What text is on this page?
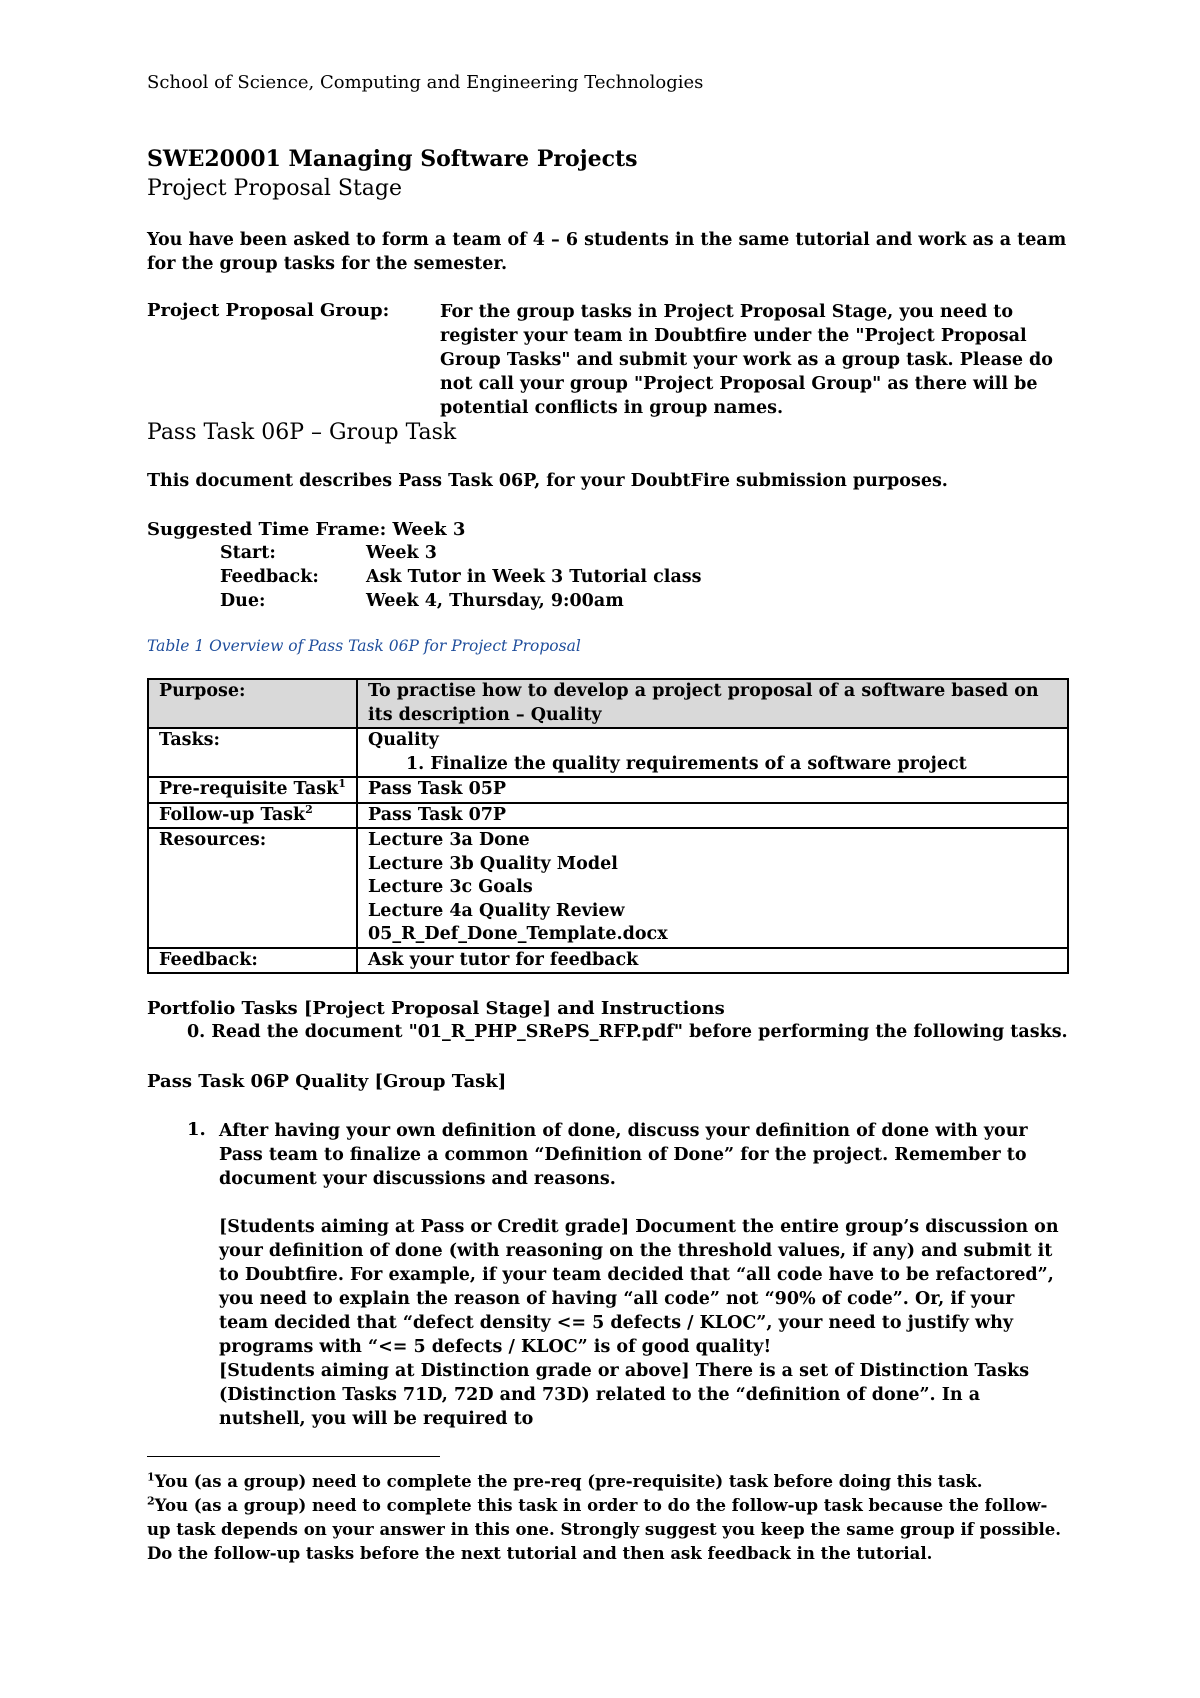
School of Science, Computing and Engineering Technologies

SWE20001 Managing Software Projects

Project Proposal Stage

You have been asked to form a team of 4 – 6 students in the same tutorial and work as a team for the group tasks for the semester.

Project Proposal Group:	For the group tasks in Project Proposal Stage, you need to register your team in Doubtfire under the "Project Proposal Group Tasks" and submit your work as a group task. Please do not call your group "Project Proposal Group" as there will be potential conflicts in group names.

Pass Task 06P – Group Task

This document describes Pass Task 06P, for your DoubtFire submission purposes.

Suggested Time Frame: Week 3

Start:	Week 3
Feedback:	Ask Tutor in Week 3 Tutorial class
Due:	Week 4, Thursday, 9:00am

Table 1 Overview of Pass Task 06P for Project Proposal

Purpose:	To practise how to develop a project proposal of a software based on its description – Quality
Tasks:	Quality
1. Finalize the quality requirements of a software project

Pre-requisite Task$^1$	Pass Task 05P
Follow-up Task$^2$	Pass Task 07P
Resources:	Lecture 3a Done
Lecture 3b Quality Model
Lecture 3c Goals
Lecture 4a Quality Review
05_R_Def_Done_Template.docx

Feedback:	Ask your tutor for feedback

Portfolio Tasks [Project Proposal Stage] and Instructions

0. Read the document "01_R_PHP_SRePS_RFP.pdf" before performing the following tasks.

Pass Task 06P Quality [Group Task]

1. After having your own definition of done, discuss your definition of done with your Pass team to finalize a common “Definition of Done” for the project. Remember to document your discussions and reasons.

[Students aiming at Pass or Credit grade] Document the entire group’s discussion on your definition of done (with reasoning on the threshold values, if any) and submit it to Doubtfire. For example, if your team decided that “all code have to be refactored”, you need to explain the reason of having “all code” not “90% of code”. Or, if your team decided that “defect density <= 5 defects / KLOC”, your need to justify why programs with “<= 5 defects / KLOC” is of good quality!

[Students aiming at Distinction grade or above] There is a set of Distinction Tasks (Distinction Tasks 71D, 72D and 73D) related to the “definition of done”. In a nutshell, you will be required to

$^1$You (as a group) need to complete the pre-req (pre-requisite) task before doing this task.

$^2$You (as a group) need to complete this task in order to do the follow-up task because the follow-up task depends on your answer in this one. Strongly suggest you keep the same group if possible. Do the follow-up tasks before the next tutorial and then ask feedback in the tutorial.
